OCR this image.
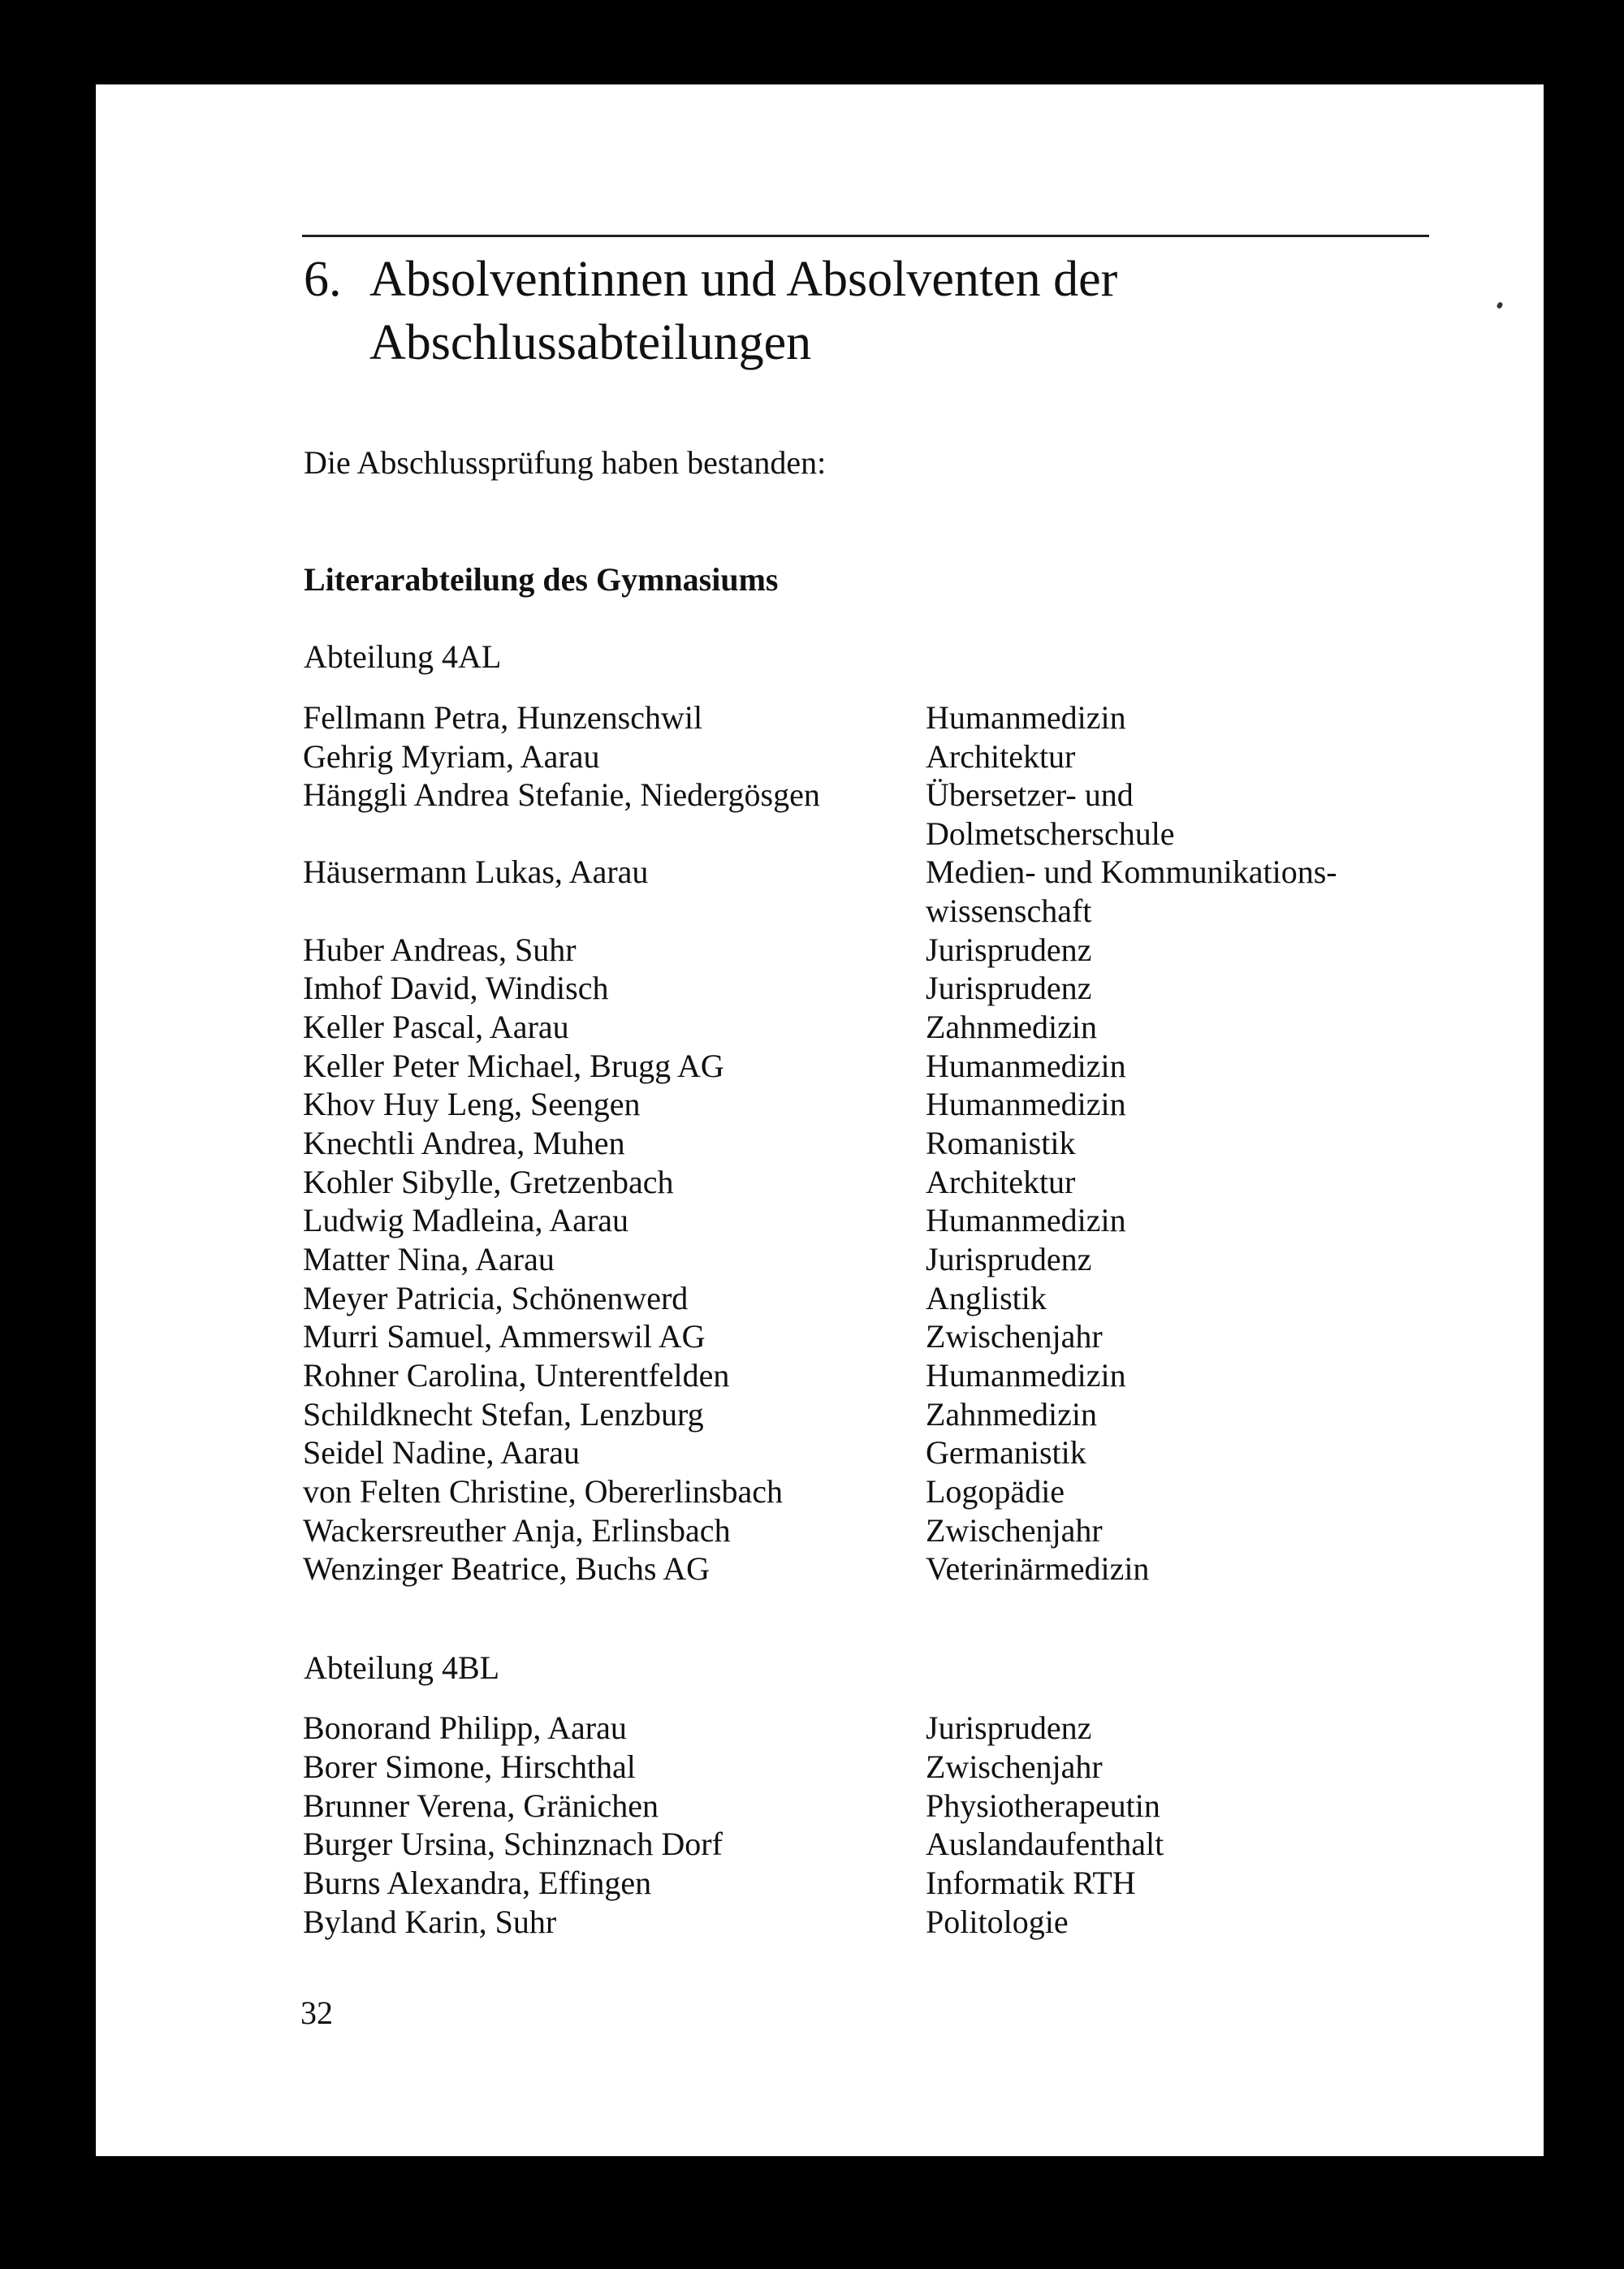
6. Absolventinnen und Absolventen der
Abschlussabteilungen
Die Abschlussprüfung haben bestanden:
Literarabteilung des Gymnasiums
Abteilung 4AL
Fellmann Petra, Hunzenschwil	Humanmedizin
Gehrig Myriam, Aarau	Architektur
Hänggli Andrea Stefanie, Niedergösgen	Übersetzer- und
Dolmetscherschule
Häusermann Lukas, Aarau	Medien- und Kommunikations-
wissenschaft
Huber Andreas, Suhr	Jurisprudenz
Imhof David, Windisch	Jurisprudenz
Keller Pascal, Aarau	Zahnmedizin
Keller Peter Michael, Brugg AG	Humanmedizin
Khov Huy Leng, Seengen	Humanmedizin
Knechtli Andrea, Muhen	Romanistik
Kohler Sibylle, Gretzenbach	Architektur
Ludwig Madleina, Aarau	Humanmedizin
Matter Nina, Aarau	Jurisprudenz
Meyer Patricia, Schönenwerd	Anglistik
Murri Samuel, Ammerswil AG	Zwischenjahr
Rohner Carolina, Unterentfelden	Humanmedizin
Schildknecht Stefan, Lenzburg	Zahnmedizin
Seidel Nadine, Aarau	Germanistik
von Felten Christine, Obererlinsbach	Logopädie
Wackersreuther Anja, Erlinsbach	Zwischenjahr
Wenzinger Beatrice, Buchs AG	Veterinärmedizin
Abteilung 4BL
Bonorand Philipp, Aarau	Jurisprudenz
Borer Simone, Hirschthal	Zwischenjahr
Brunner Verena, Gränichen	Physiotherapeutin
Burger Ursina, Schinznach Dorf	Auslandaufenthalt
Burns Alexandra, Effingen	Informatik RTH
Byland Karin, Suhr	Politologie
32
